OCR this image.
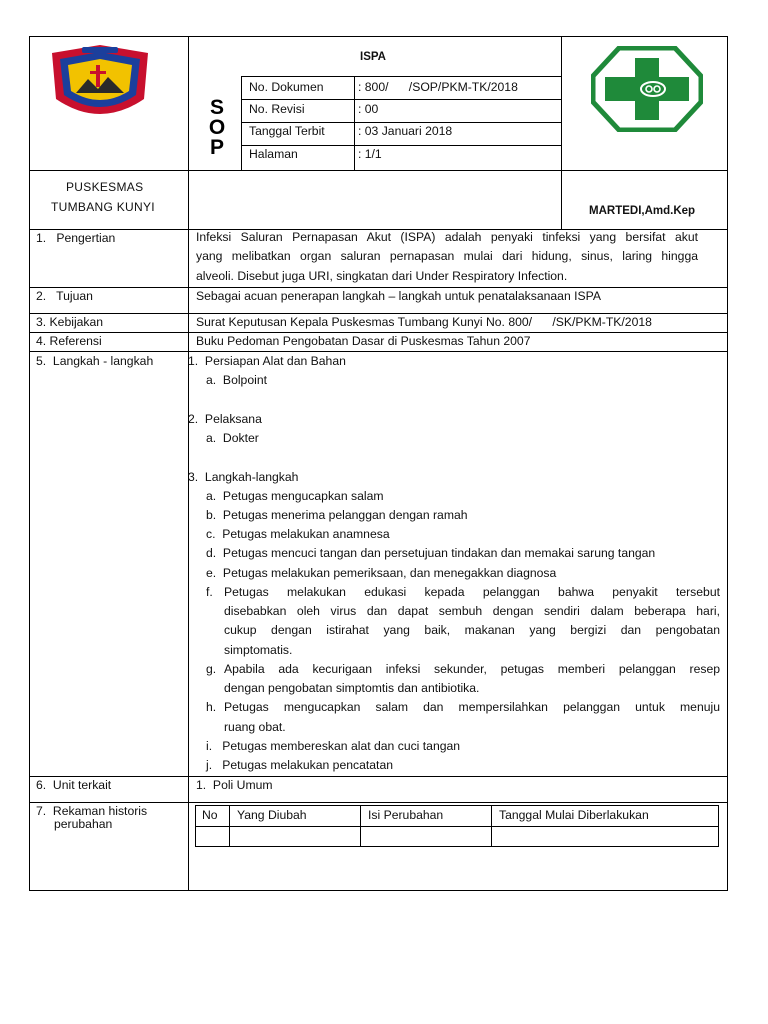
ISPA
S
O
P
No. Dokumen	: 800/      /SOP/PKM-TK/2018
No. Revisi	: 00
Tanggal Terbit	: 03 Januari 2018
Halaman	: 1/1
PUSKESMAS
TUMBANG KUNYI	MARTEDI,Amd.Kep
1.   Pengertian	Infeksi Saluran Pernapasan Akut (ISPA) adalah penyaki tinfeksi yang bersifat akut
yang melibatkan organ saluran pernapasan mulai dari hidung, sinus, laring hingga
alveoli. Disebut juga URI, singkatan dari Under Respiratory Infection.
2.   Tujuan	Sebagai acuan penerapan langkah – langkah untuk penatalaksanaan ISPA
3. Kebijakan	Surat Keputusan Kepala Puskesmas Tumbang Kunyi No. 800/      /SK/PKM-TK/2018
4. Referensi	Buku Pedoman Pengobatan Dasar di Puskesmas Tahun 2007
5.  Langkah - langkah	1.  Persiapan Alat dan Bahan
a.  Bolpoint
2.  Pelaksana
a.  Dokter
3.  Langkah-langkah
a.  Petugas mengucapkan salam
b.  Petugas menerima pelanggan dengan ramah
c.  Petugas melakukan anamnesa
d.  Petugas mencuci tangan dan persetujuan tindakan dan memakai sarung tangan
e.  Petugas melakukan pemeriksaan, dan menegakkan diagnosa
f. Petugas melakukan edukasi kepada pelanggan bahwa penyakit tersebut
disebabkan oleh virus dan dapat sembuh dengan sendiri dalam beberapa hari,
cukup dengan istirahat yang baik, makanan yang bergizi dan pengobatan
simptomatis.
g. Apabila ada kecurigaan infeksi sekunder, petugas memberi pelanggan resep
dengan pengobatan simptomtis dan antibiotika.
h. Petugas mengucapkan salam dan mempersilahkan pelanggan untuk menuju
ruang obat.
i.   Petugas membereskan alat dan cuci tangan
j.   Petugas melakukan pencatatan
6.  Unit terkait	1.  Poli Umum
7.  Rekaman historis
perubahan
No Yang Diubah	Isi Perubahan	Tanggal Mulai Diberlakukan
